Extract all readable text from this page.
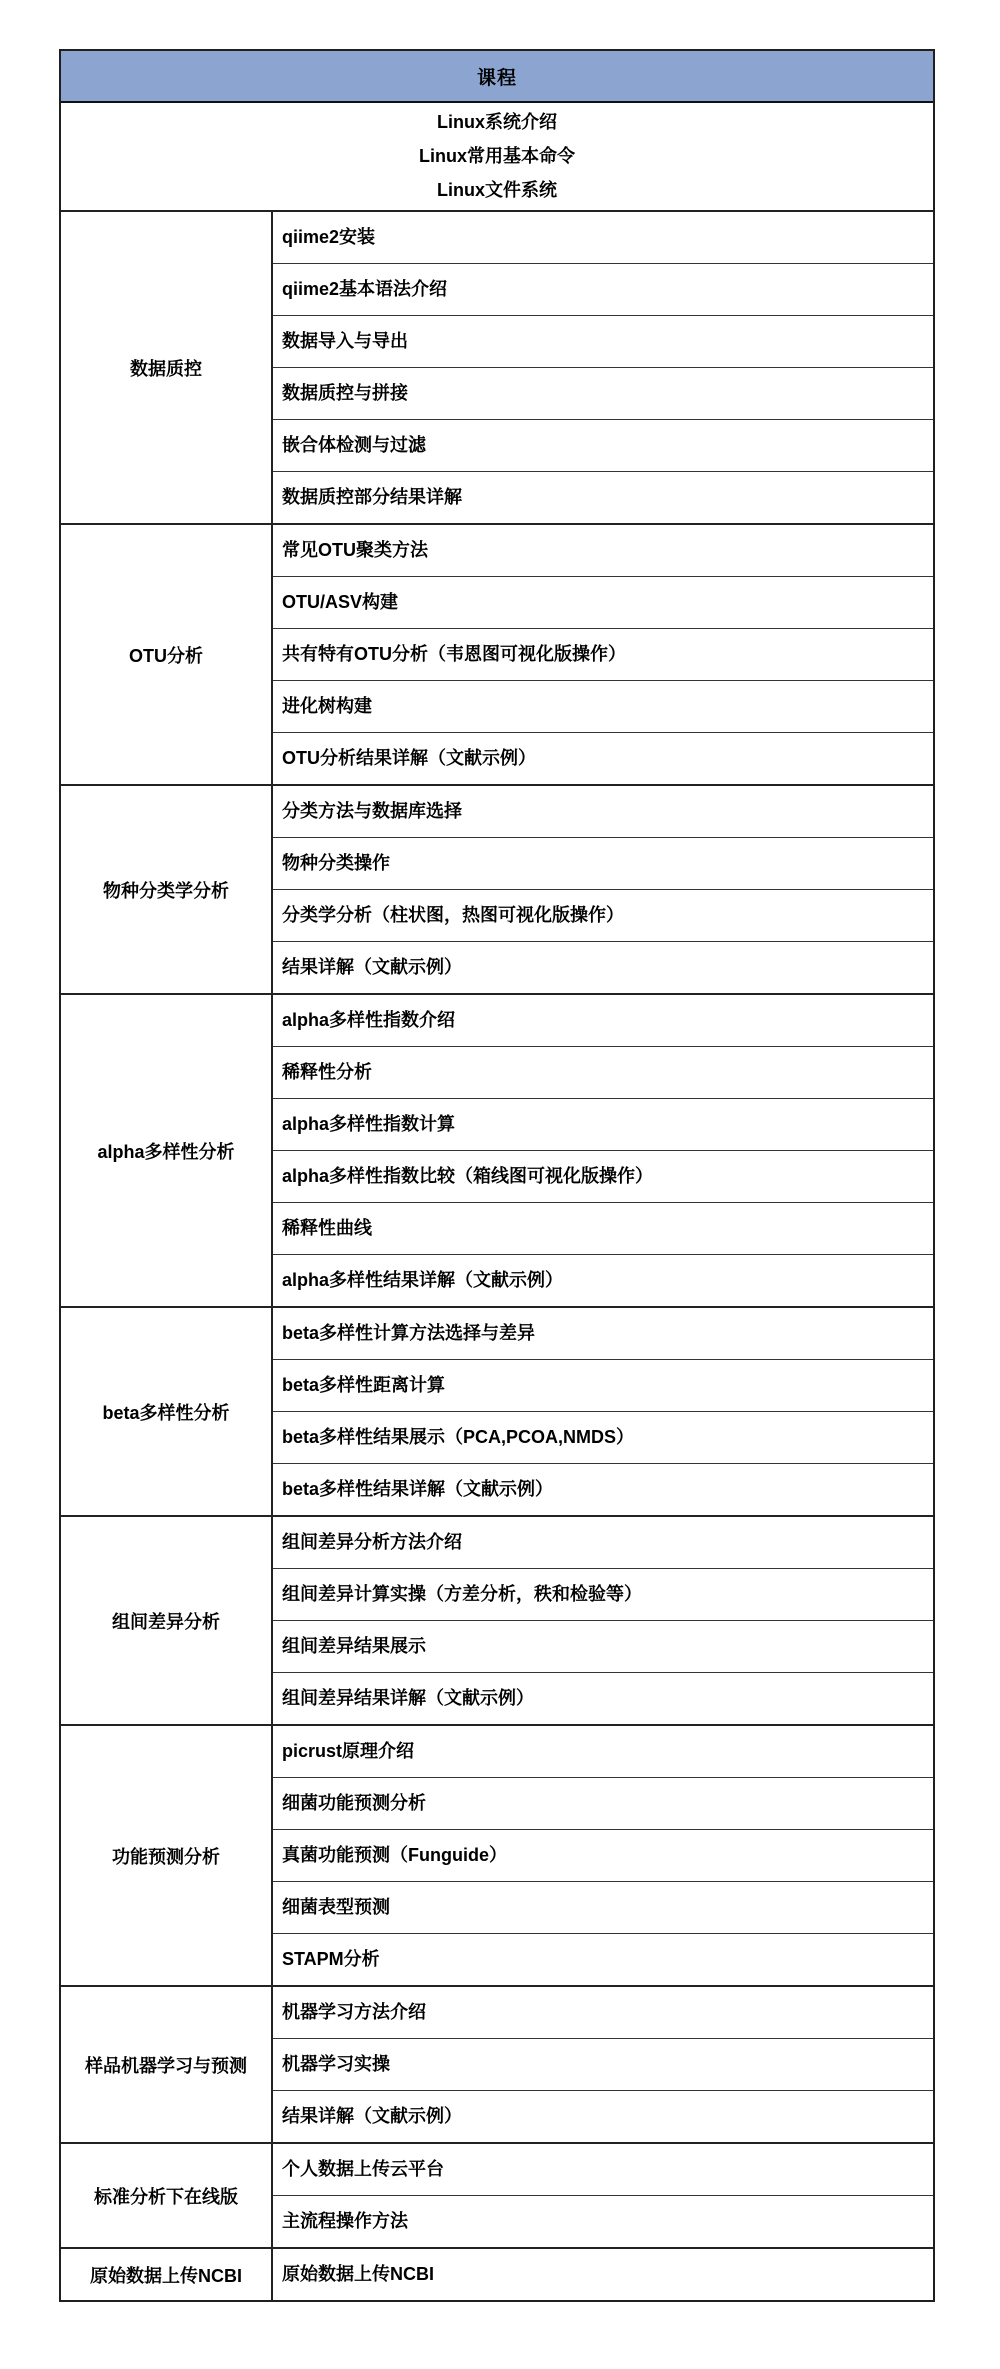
课程
Linux系统介绍
Linux常用基本命令
Linux文件系统
数据质控
qiime2安装
qiime2基本语法介绍
数据导入与导出
数据质控与拼接
嵌合体检测与过滤
数据质控部分结果详解
OTU分析
常见OTU聚类方法
OTU/ASV构建
共有特有OTU分析（韦恩图可视化版操作）
进化树构建
OTU分析结果详解（文献示例）
物种分类学分析
分类方法与数据库选择
物种分类操作
分类学分析（柱状图，热图可视化版操作）
结果详解（文献示例）
alpha多样性分析
alpha多样性指数介绍
稀释性分析
alpha多样性指数计算
alpha多样性指数比较（箱线图可视化版操作）
稀释性曲线
alpha多样性结果详解（文献示例）
beta多样性分析
beta多样性计算方法选择与差异
beta多样性距离计算
beta多样性结果展示（PCA,PCOA,NMDS）
beta多样性结果详解（文献示例）
组间差异分析
组间差异分析方法介绍
组间差异计算实操（方差分析，秩和检验等）
组间差异结果展示
组间差异结果详解（文献示例）
功能预测分析
picrust原理介绍
细菌功能预测分析
真菌功能预测（Funguide）
细菌表型预测
STAPM分析
样品机器学习与预测
机器学习方法介绍
机器学习实操
结果详解（文献示例）
标准分析下在线版
个人数据上传云平台
主流程操作方法
原始数据上传NCBI	原始数据上传NCBI
